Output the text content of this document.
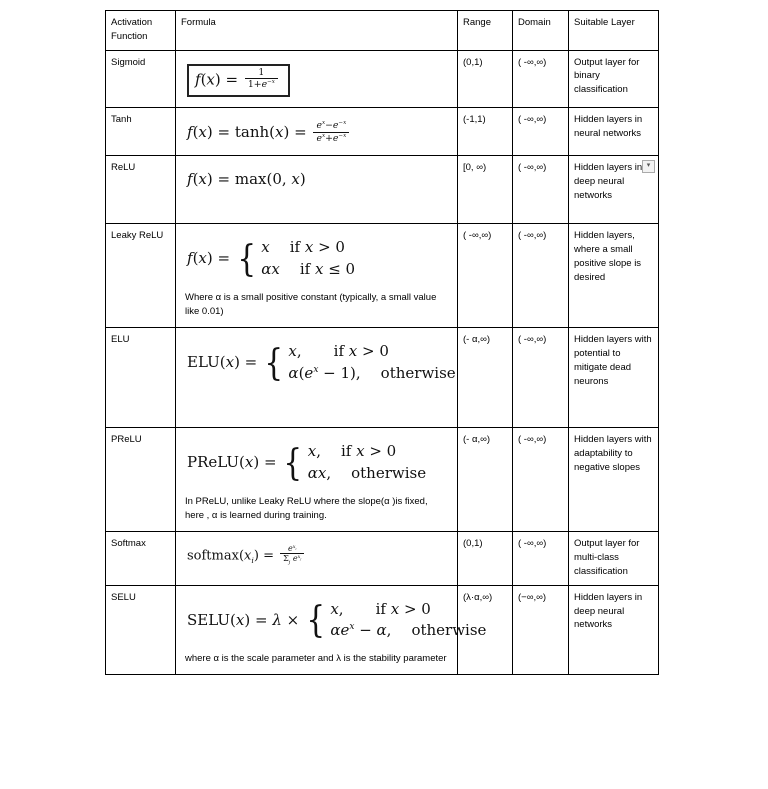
Activation Function	Formula	Range	Domain	Suitable Layer
Sigmoid	$f(x) = \frac{1}{1+e^{-x}}$	(0,1)	( -∞,∞)	Output layer for binary classification
Tanh	$f(x) = \tanh(x) = \frac{e^x-e^{-x}}{e^x+e^{-x}}$	(-1,1)	( -∞,∞)	Hidden layers in neural networks
ReLU	f(x) = max(0, x)	[0, ∞)	( -∞,∞)	Hidden layers in deep neural networks
▾

Leaky ReLU	f(x) = { x if x > 0
αx if x ≤ 0
Where α is a small positive constant (typically, a small value like 0.01)	( -∞,∞)	( -∞,∞)	Hidden layers, where a small positive slope is desired
ELU	ELU(x) = { x, if x > 0
$\alpha(e^x - 1)$, otherwise	(- α,∞)	( -∞,∞)	Hidden layers with potential to mitigate dead neurons
PReLU	PReLU(x) = { x, if x > 0
αx, otherwise
In PReLU, unlike Leaky ReLU where the slope(α )is fixed, here , α is learned during training.	(- α,∞)	( -∞,∞)	Hidden layers with adaptability to negative slopes
Softmax	$softmax(x_i) = \frac{e^{x_i}}{\Sigma_j e^{x_j}}$	(0,1)	( -∞,∞)	Output layer for multi-class classification
SELU	SELU(x) = λ × { x, if x > 0
$\alpha e^x - \alpha$, otherwise
where α is the scale parameter and λ is the stability parameter	(λ·α,∞)	(−∞,∞)	Hidden layers in deep neural networks
